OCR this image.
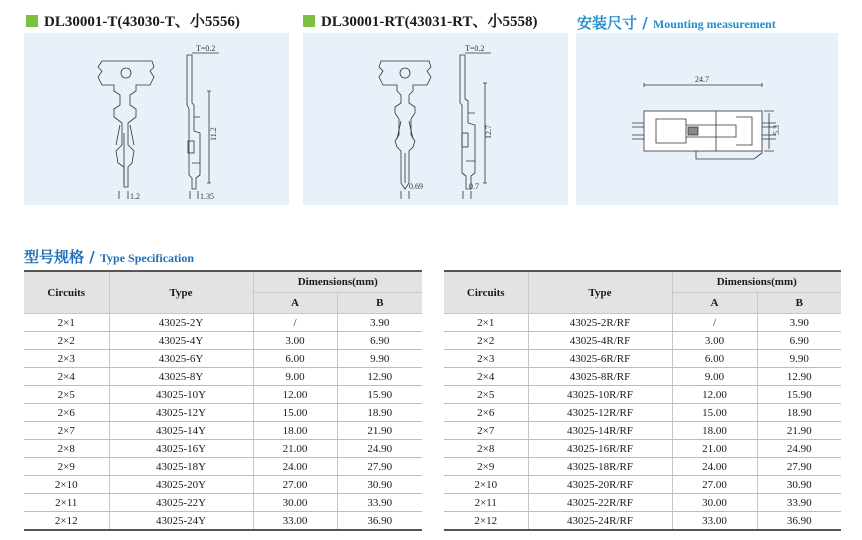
DL30001-T(43030-T、小5556)	DL30001-RT(43031-RT、小5558)	安装尺寸 / Mounting measurement
T=0.2
11.2
1.2	1.35
T=0.2
12.7
0.69	0.7
24.7
5.3
型号规格 / Type Specification
Circuits	Type	Dimensions(mm)	
		A	B
2×1	43025-2Y	/	3.90
2×2	43025-4Y	3.00	6.90
2×3	43025-6Y	6.00	9.90
2×4	43025-8Y	9.00	12.90
2×5	43025-10Y	12.00	15.90
2×6	43025-12Y	15.00	18.90
2×7	43025-14Y	18.00	21.90
2×8	43025-16Y	21.00	24.90
2×9	43025-18Y	24.00	27.90
2×10	43025-20Y	27.00	30.90
2×11	43025-22Y	30.00	33.90
2×12	43025-24Y	33.00	36.90
Circuits	Type	Dimensions(mm)	
		A	B
2×1	43025-2R/RF	/	3.90
2×2	43025-4R/RF	3.00	6.90
2×3	43025-6R/RF	6.00	9.90
2×4	43025-8R/RF	9.00	12.90
2×5	43025-10R/RF	12.00	15.90
2×6	43025-12R/RF	15.00	18.90
2×7	43025-14R/RF	18.00	21.90
2×8	43025-16R/RF	21.00	24.90
2×9	43025-18R/RF	24.00	27.90
2×10	43025-20R/RF	27.00	30.90
2×11	43025-22R/RF	30.00	33.90
2×12	43025-24R/RF	33.00	36.90
